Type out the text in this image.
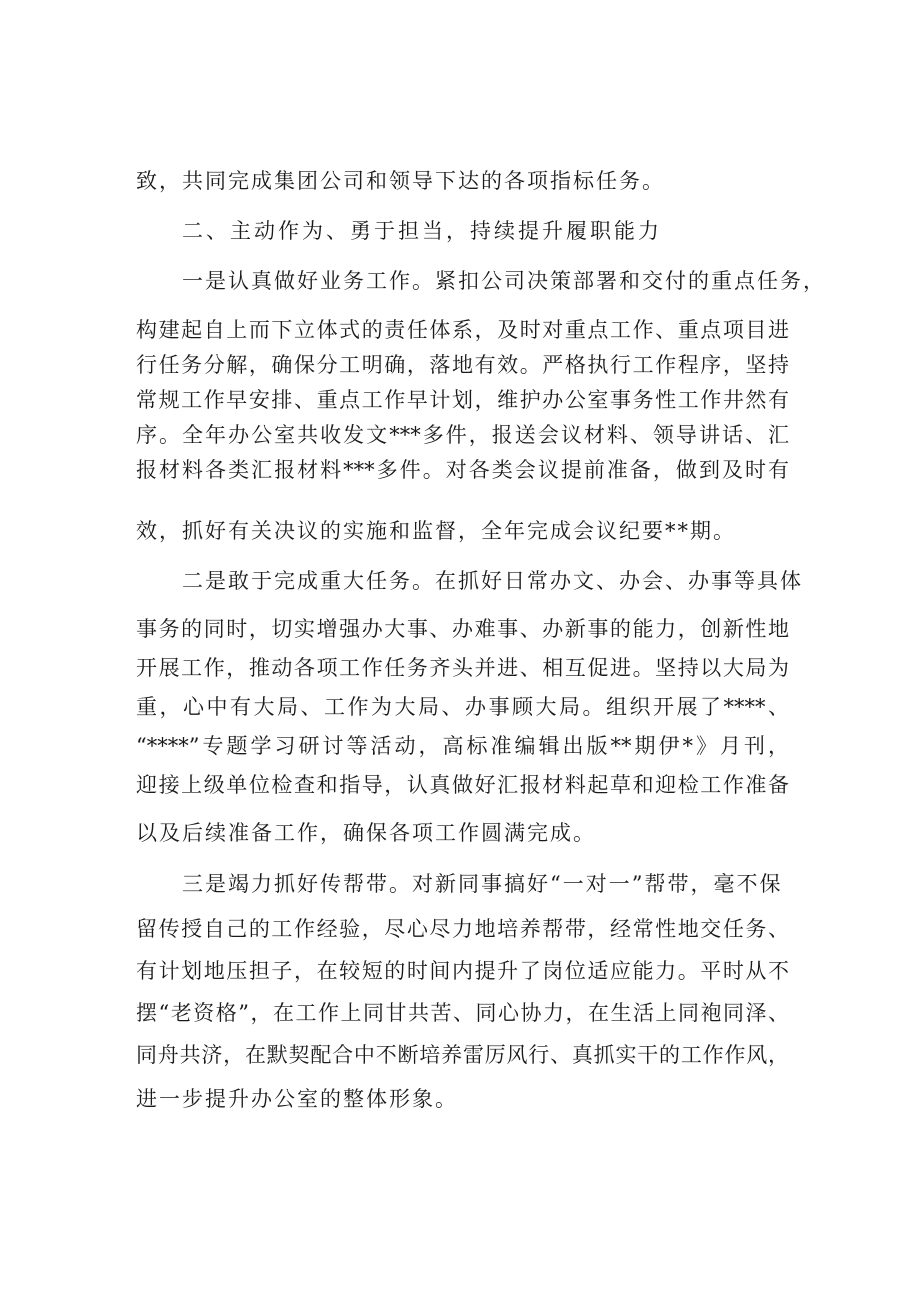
致，共同完成集团公司和领导下达的各项指标任务。
二、主动作为、勇于担当，持续提升履职能力
一是认真做好业务工作。紧扣公司决策部署和交付的重点任务，
构建起自上而下立体式的责任体系，及时对重点工作、重点项目进
行任务分解，确保分工明确，落地有效。严格执行工作程序，坚持
常规工作早安排、重点工作早计划，维护办公室事务性工作井然有
序。全年办公室共收发文***多件，报送会议材料、领导讲话、汇
报材料各类汇报材料***多件。对各类会议提前准备，做到及时有
效，抓好有关决议的实施和监督，全年完成会议纪要**期。
二是敢于完成重大任务。在抓好日常办文、办会、办事等具体
事务的同时，切实增强办大事、办难事、办新事的能力，创新性地
开展工作，推动各项工作任务齐头并进、相互促进。坚持以大局为
重，心中有大局、工作为大局、办事顾大局。组织开展了****、
“****”专题学习研讨等活动，高标准编辑出版**期伊*》月刊，
迎接上级单位检查和指导，认真做好汇报材料起草和迎检工作准备
以及后续准备工作，确保各项工作圆满完成。
三是竭力抓好传帮带。对新同事搞好“一对一”帮带，毫不保
留传授自己的工作经验，尽心尽力地培养帮带，经常性地交任务、
有计划地压担子，在较短的时间内提升了岗位适应能力。平时从不
摆“老资格”，在工作上同甘共苦、同心协力，在生活上同袍同泽、
同舟共济，在默契配合中不断培养雷厉风行、真抓实干的工作作风，
进一步提升办公室的整体形象。
